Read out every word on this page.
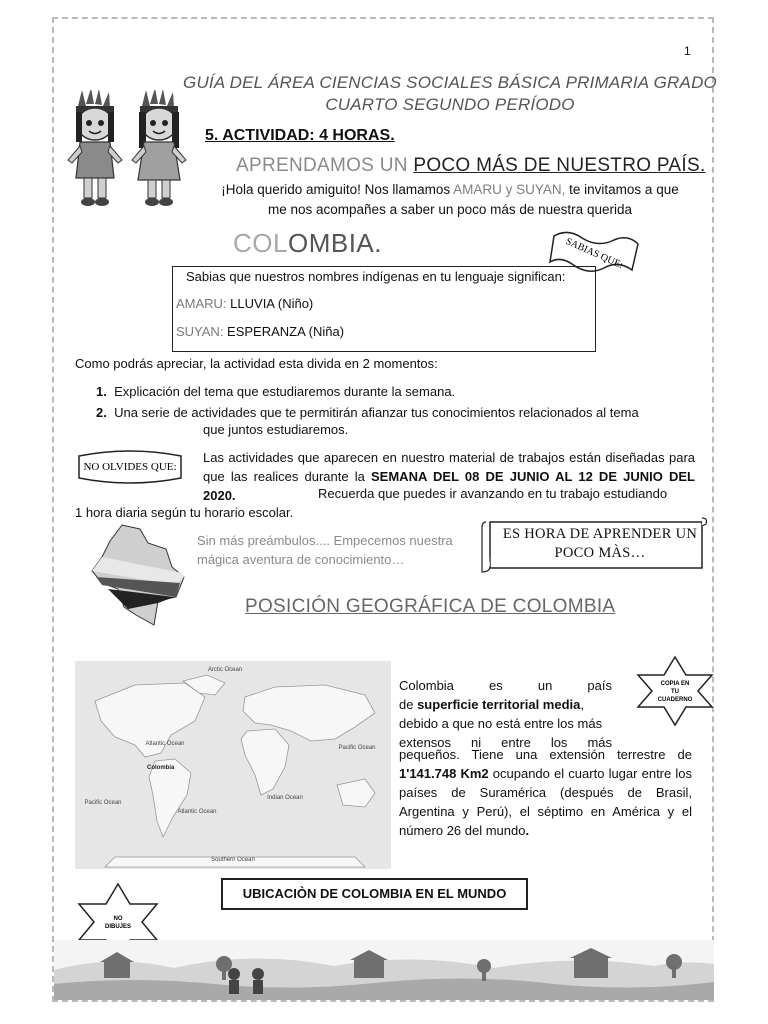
1
GUÍA DEL ÁREA CIENCIAS SOCIALES BÁSICA PRIMARIA GRADO
CUARTO SEGUNDO PERÍODO
5. ACTIVIDAD: 4 HORAS.
APRENDAMOS UN POCO MÁS DE NUESTRO PAÍS.
¡Hola querido amiguito! Nos llamamos AMARU y SUYAN, te invitamos a que
me nos acompañes a saber un poco más de nuestra querida
COLOMBIA.	SABIAS QUE:
Sabias que nuestros nombres indígenas en tu lenguaje significan:
AMARU: LLUVIA (Niño)
SUYAN: ESPERANZA (Niña)
Como podrás apreciar, la actividad esta divida en 2 momentos:
1. Explicación del tema que estudiaremos durante la semana.
2. Una serie de actividades que te permitirán afianzar tus conocimientos relacionados al tema
que juntos estudiaremos.
NO OLVIDES QUE:
Las actividades que aparecen en nuestro material de trabajos están diseñadas para que las realices durante la SEMANA DEL 08 DE JUNIO AL 12 DE JUNIO DEL 2020.	Recuerda que puedes ir avanzando en tu trabajo estudiando
1 hora diaria según tu horario escolar.
Sin más preámbulos.... Empecemos nuestra mágica aventura de conocimiento…
ES HORA DE APRENDER UN POCO MÀS…
POSICIÓN GEOGRÁFICA DE COLOMBIA
Arctic Ocean
Atlantic Ocean
Pacific Ocean
Colombia
Pacific Ocean
Atlantic Ocean
Indian Ocean
Southern Ocean
Colombia	es	un	país
de superficie territorial media,
debido a que no está entre los más
extensos ni entre los más
pequeños. Tiene una extensión terrestre de 1'141.748 Km2 ocupando el cuarto lugar entre los países de Suramérica (después de Brasil, Argentina y Perú), el séptimo en América y el número 26 del mundo.
COPIA EN
TU
CUADERNO
UBICACIÒN DE COLOMBIA EN EL MUNDO
NO
DIBUJES
